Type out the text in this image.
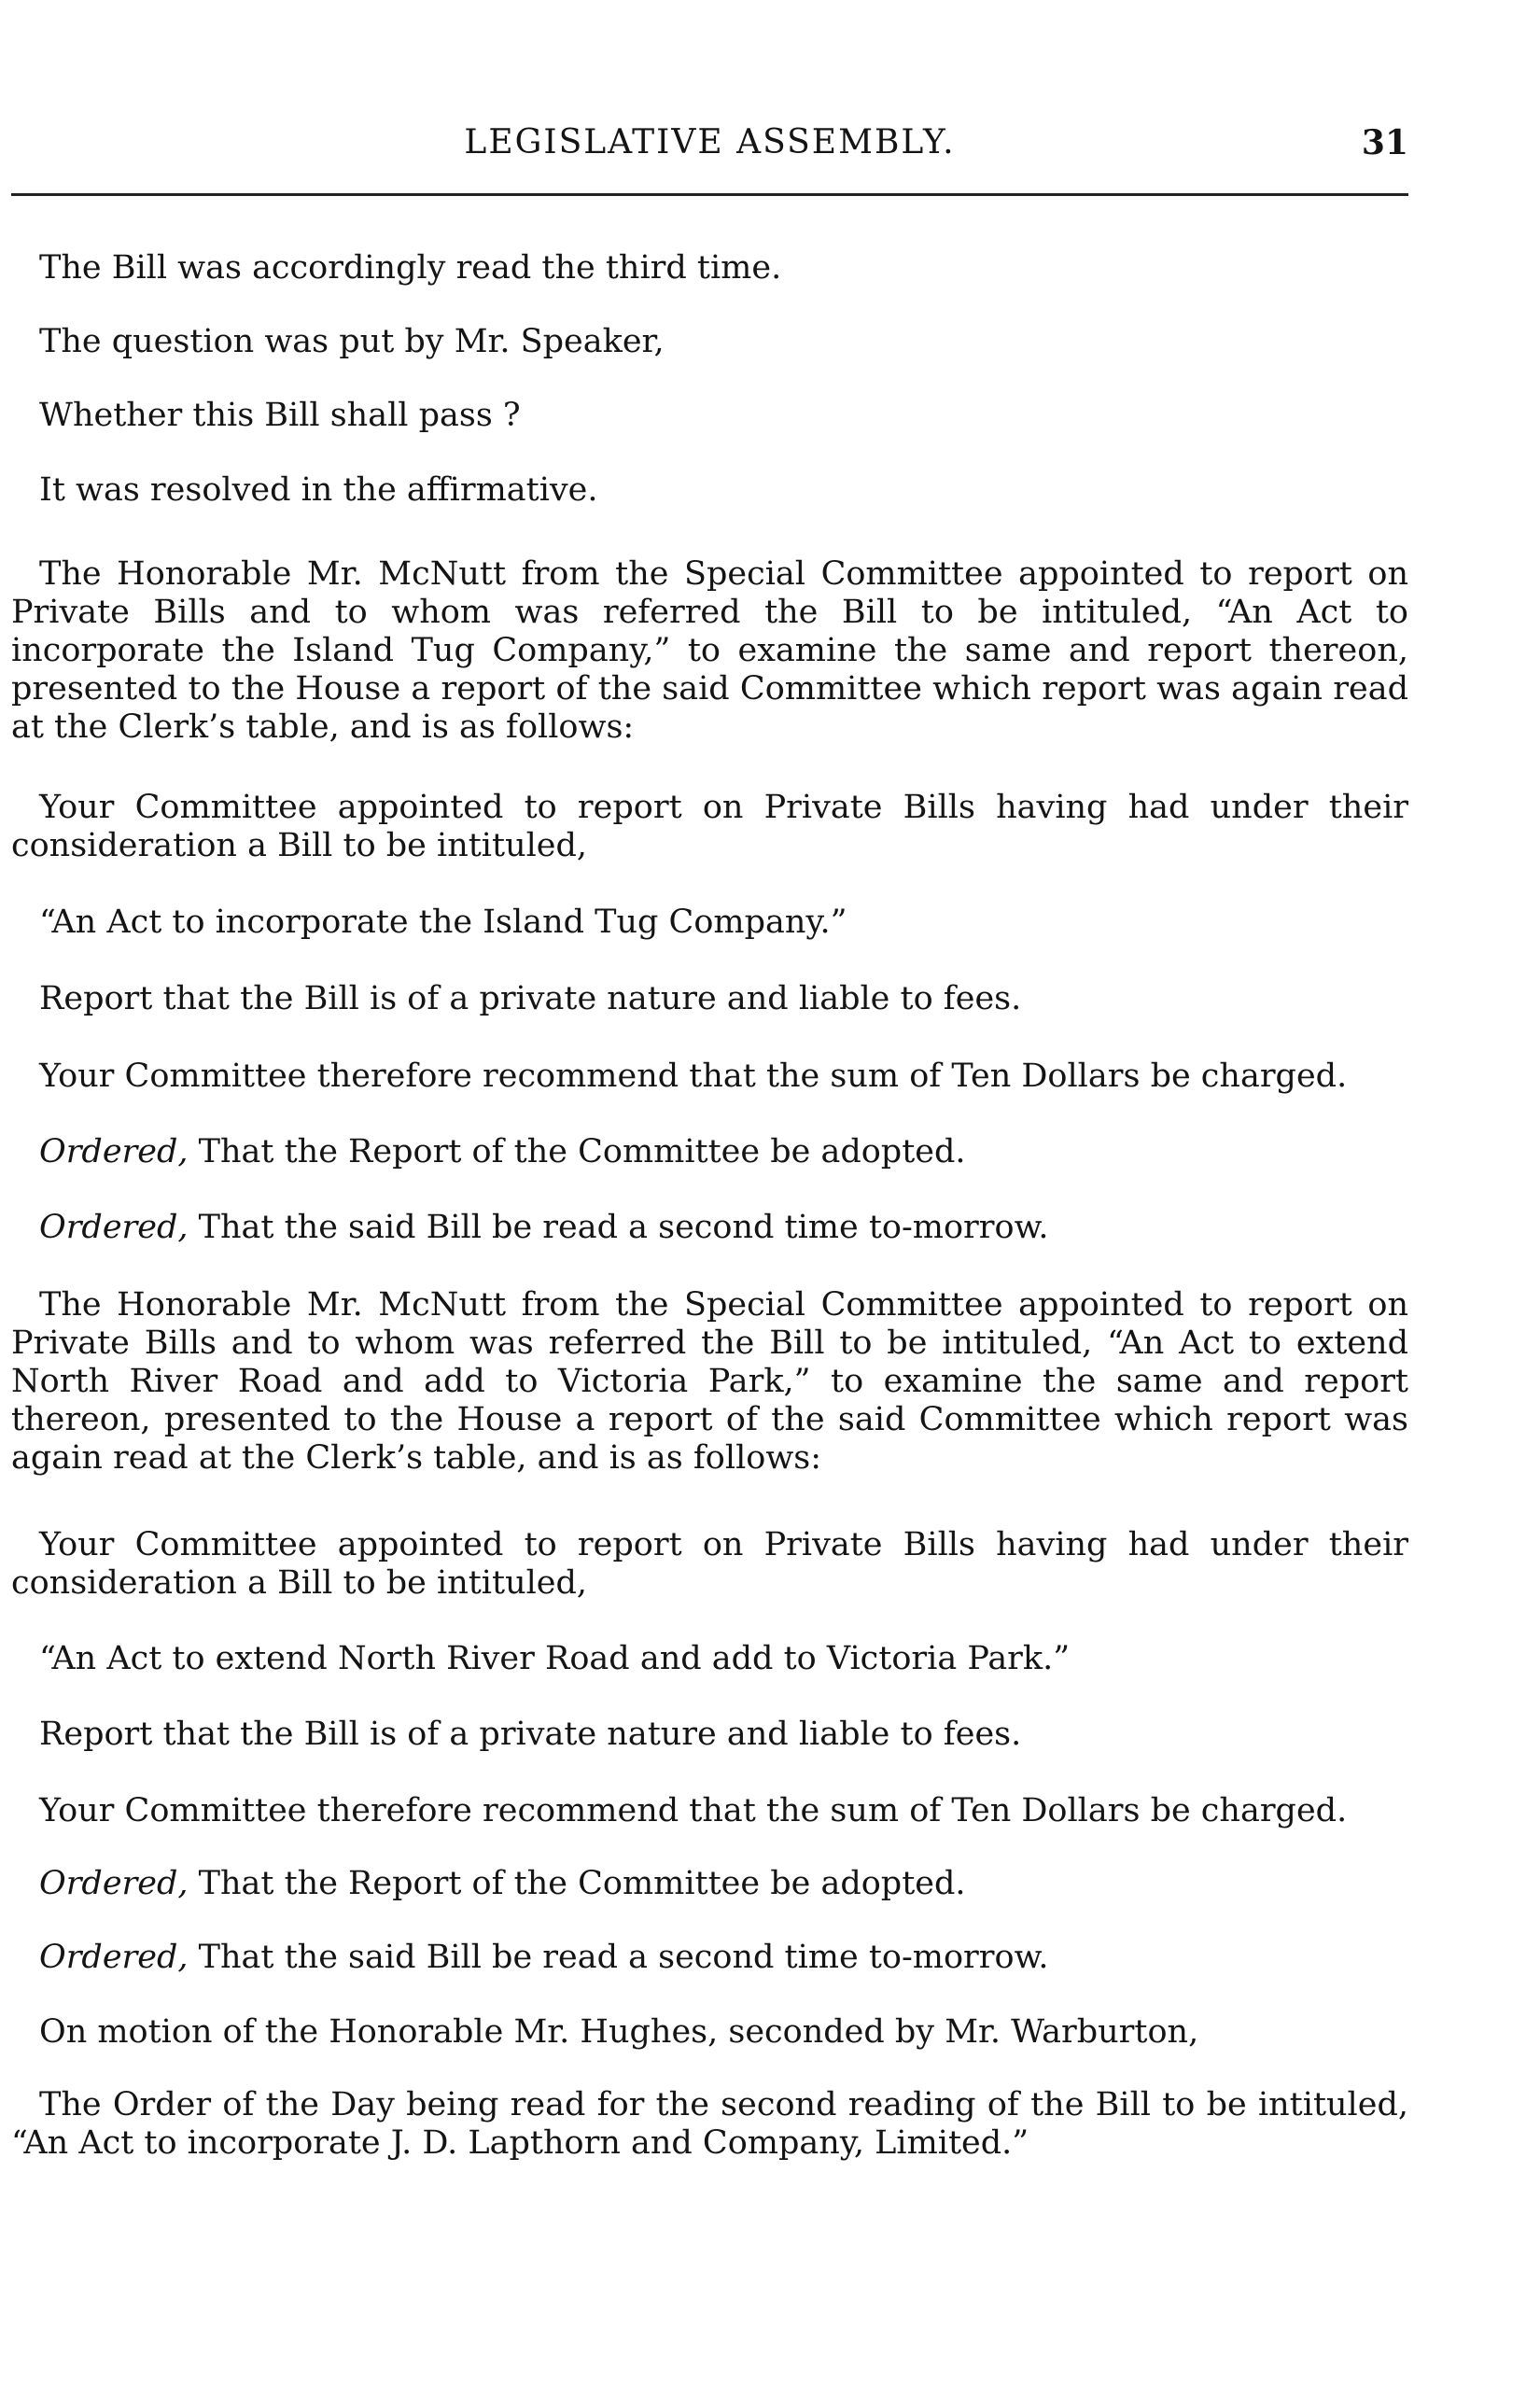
LEGISLATIVE ASSEMBLY.	31

The Bill was accordingly read the third time.

The question was put by Mr. Speaker,

Whether this Bill shall pass ?

It was resolved in the affirmative.

The Honorable Mr. McNutt from the Special Committee appointed to report on Private Bills and to whom was referred the Bill to be intituled, “An Act to incorporate the Island Tug Company,” to examine the same and report thereon, presented to the House a report of the said Committee which report was again read at the Clerk’s table, and is as follows:

Your Committee appointed to report on Private Bills having had under their consideration a Bill to be intituled,

“An Act to incorporate the Island Tug Company.”

Report that the Bill is of a private nature and liable to fees.

Your Committee therefore recommend that the sum of Ten Dollars be charged.

Ordered, That the Report of the Committee be adopted.

Ordered, That the said Bill be read a second time to-morrow.

The Honorable Mr. McNutt from the Special Committee appointed to report on Private Bills and to whom was referred the Bill to be intituled, “An Act to extend North River Road and add to Victoria Park,” to examine the same and report thereon, presented to the House a report of the said Committee which report was again read at the Clerk’s table, and is as follows:

Your Committee appointed to report on Private Bills having had under their consideration a Bill to be intituled,

“An Act to extend North River Road and add to Victoria Park.”

Report that the Bill is of a private nature and liable to fees.

Your Committee therefore recommend that the sum of Ten Dollars be charged.

Ordered, That the Report of the Committee be adopted.

Ordered, That the said Bill be read a second time to-morrow.

On motion of the Honorable Mr. Hughes, seconded by Mr. Warburton,

The Order of the Day being read for the second reading of the Bill to be intituled, “An Act to incorporate J. D. Lapthorn and Company, Limited.”
